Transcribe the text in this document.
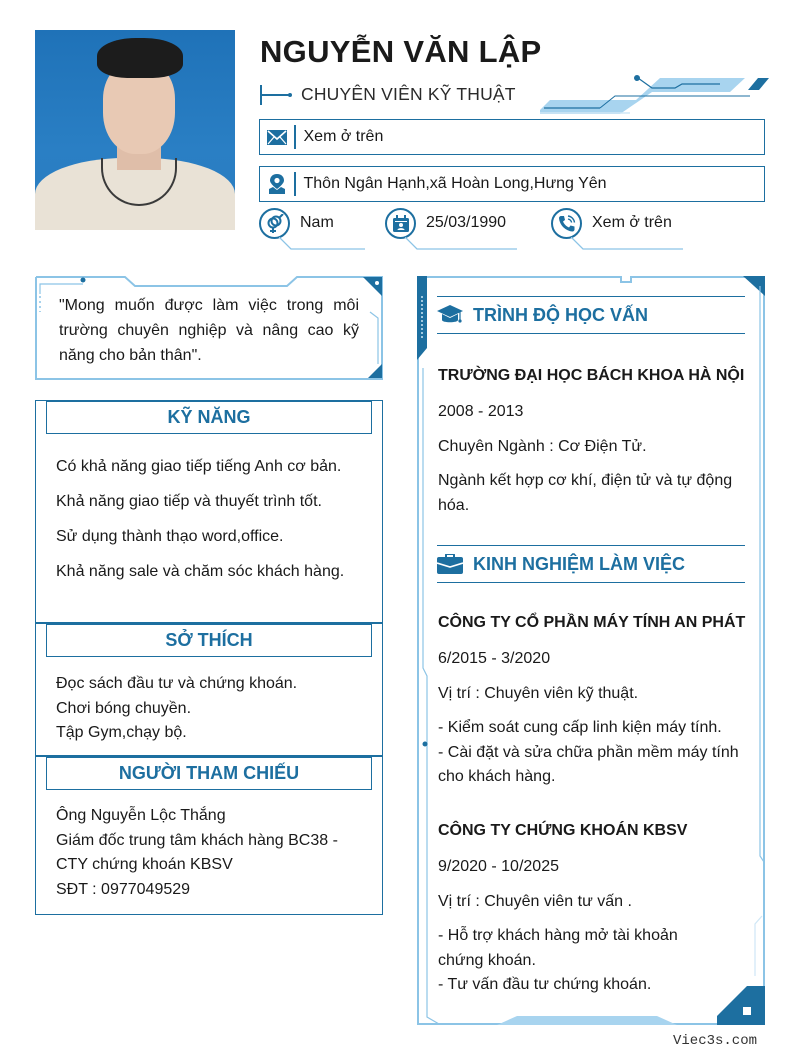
NGUYỄN VĂN LẬP
CHUYÊN VIÊN KỸ THUẬT
Xem ở trên
Thôn Ngân Hạnh,xã Hoàn Long,Hưng Yên
Nam	25/03/1990	Xem ở trên
"Mong muốn được làm việc trong môi trường chuyên nghiệp và nâng cao kỹ năng cho bản thân".
KỸ NĂNG
Có khả năng giao tiếp tiếng Anh cơ bản.
Khả năng giao tiếp và thuyết trình tốt.
Sử dụng thành thạo word,office.
Khả năng sale và chăm sóc khách hàng.
SỞ THÍCH
Đọc sách đầu tư và chứng khoán.
Chơi bóng chuyền.
Tập Gym,chạy bộ.
NGƯỜI THAM CHIẾU
Ông Nguyễn Lộc Thắng
Giám đốc trung tâm khách hàng BC38 - CTY chứng khoán KBSV
SĐT : 0977049529
TRÌNH ĐỘ HỌC VẤN
TRƯỜNG ĐẠI HỌC BÁCH KHOA HÀ NỘI
2008 - 2013
Chuyên Ngành : Cơ Điện Tử.
Ngành kết hợp cơ khí, điện tử và tự động hóa.
KINH NGHIỆM LÀM VIỆC
CÔNG TY CỔ PHẦN MÁY TÍNH AN PHÁT
6/2015 - 3/2020
Vị trí : Chuyên viên kỹ thuật.
- Kiểm soát cung cấp linh kiện máy tính.
- Cài đặt và sửa chữa phần mềm máy tính cho khách hàng.
CÔNG TY CHỨNG KHOÁN KBSV
9/2020 - 10/2025
Vị trí : Chuyên viên tư vấn .
- Hỗ trợ khách hàng mở tài khoản chứng khoán.
- Tư vấn đầu tư chứng khoán.
Viec3s.com
